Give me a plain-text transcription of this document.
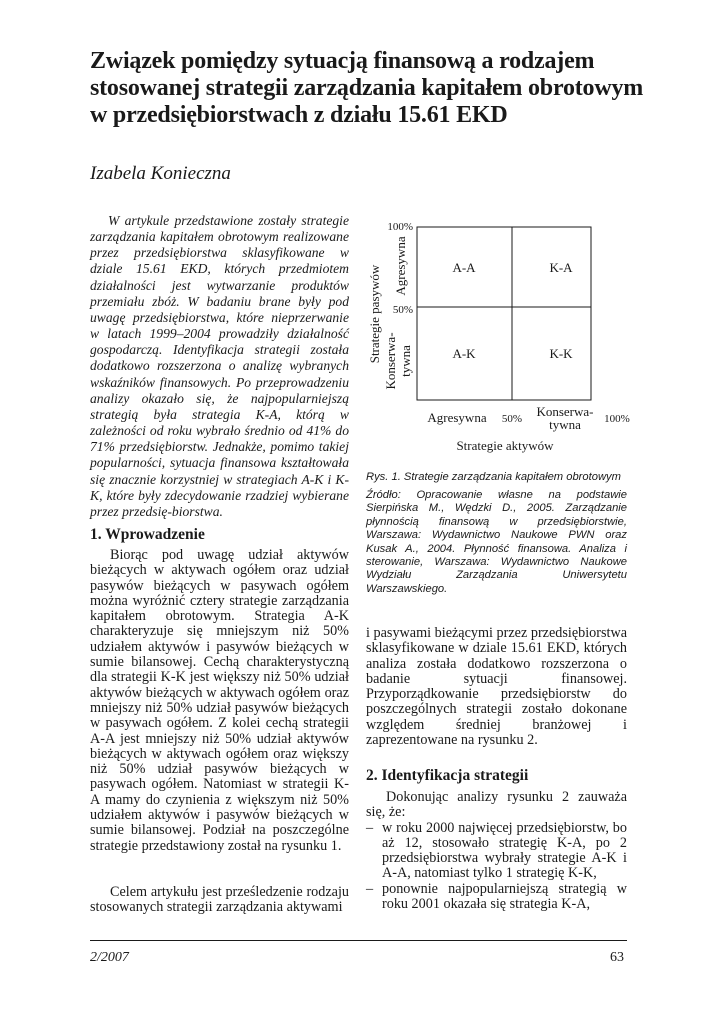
Związek pomiędzy sytuacją finansową a rodzajem stosowanej strategii zarządzania kapitałem obrotowym w przedsiębiorstwach z działu 15.61 EKD
Izabela Konieczna
W artykule przedstawione zostały strategie zarządzania kapitałem obrotowym realizowane przez przedsiębiorstwa sklasyfikowane w dziale 15.61 EKD, których przedmiotem działalności jest wytwarzanie produktów przemiału zbóż. W badaniu brane były pod uwagę przedsiębiorstwa, które nieprzerwanie w latach 1999–2004 prowadziły działalność gospodarczą. Identyfikacja strategii została dodatkowo rozszerzona o analizę wybranych wskaźników finansowych. Po przeprowadzeniu analizy okazało się, że najpopularniejszą strategią była strategia K-A, którą w zależności od roku wybrało średnio od 41% do 71% przedsiębiorstw. Jednakże, pomimo takiej popularności, sytuacja finansowa kształtowała się znacznie korzystniej w strategiach A-K i K-K, które były zdecydowanie rzadziej wybierane przez przedsię-biorstwa.
1. Wprowadzenie

Biorąc pod uwagę udział aktywów bieżących w aktywach ogółem oraz udział pasywów bieżących w pasywach ogółem można wyróżnić cztery strategie zarządzania kapitałem obrotowym. Strategia A-K charakteryzuje się mniejszym niż 50% udziałem aktywów i pasywów bieżących w sumie bilansowej. Cechą charakterystyczną dla strategii K-K jest większy niż 50% udział aktywów bieżących w aktywach ogółem oraz mniejszy niż 50% udział pasywów bieżących w pasywach ogółem. Z kolei cechą strategii A-A jest mniejszy niż 50% udział aktywów bieżących w aktywach ogółem oraz większy niż 50% udział pasywów bieżących w pasywach ogółem. Natomiast w strategii K-A mamy do czynienia z większym niż 50% udziałem aktywów i pasywów bieżących w sumie bilansowej. Podział na poszczególne strategie przedstawiony został na rysunku 1.

Celem artykułu jest prześledzenie rodzaju stosowanych strategii zarządzania aktywami

A-A	K-A
A-K	K-K
100%
50%
Strategie pasywów Agresywna
Konserwa- tywna
Agresywna 50% Konserwa-
tywna 100%
Strategie aktywów
Rys. 1. Strategie zarządzania kapitałem obrotowym
Źródło: Opracowanie własne na podstawie Sierpińska M., Wędzki D., 2005. Zarządzanie płynnością finansową w przedsiębiorstwie, Warszawa: Wydawnictwo Naukowe PWN oraz Kusak A., 2004. Płynność finansowa. Analiza i sterowanie, Warszawa: Wydawnictwo Naukowe Wydziału Zarządzania Uniwersytetu Warszawskiego.

i pasywami bieżącymi przez przedsiębiorstwa sklasyfikowane w dziale 15.61 EKD, których analiza została dodatkowo rozszerzona o badanie sytuacji finansowej. Przyporządkowanie przedsiębiorstw do poszczególnych strategii zostało dokonane względem średniej branżowej i zaprezentowane na rysunku 2.

2. Identyfikacja strategii

Dokonując analizy rysunku 2 zauważa się, że:

– w roku 2000 najwięcej przedsiębiorstw, bo aż 12, stosowało strategię K-A, po 2 przedsiębiorstwa wybrały strategie A-K i A-A, natomiast tylko 1 strategię K-K,
– ponownie najpopularniejszą strategią w roku 2001 okazała się strategia K-A,
2/2007	63
